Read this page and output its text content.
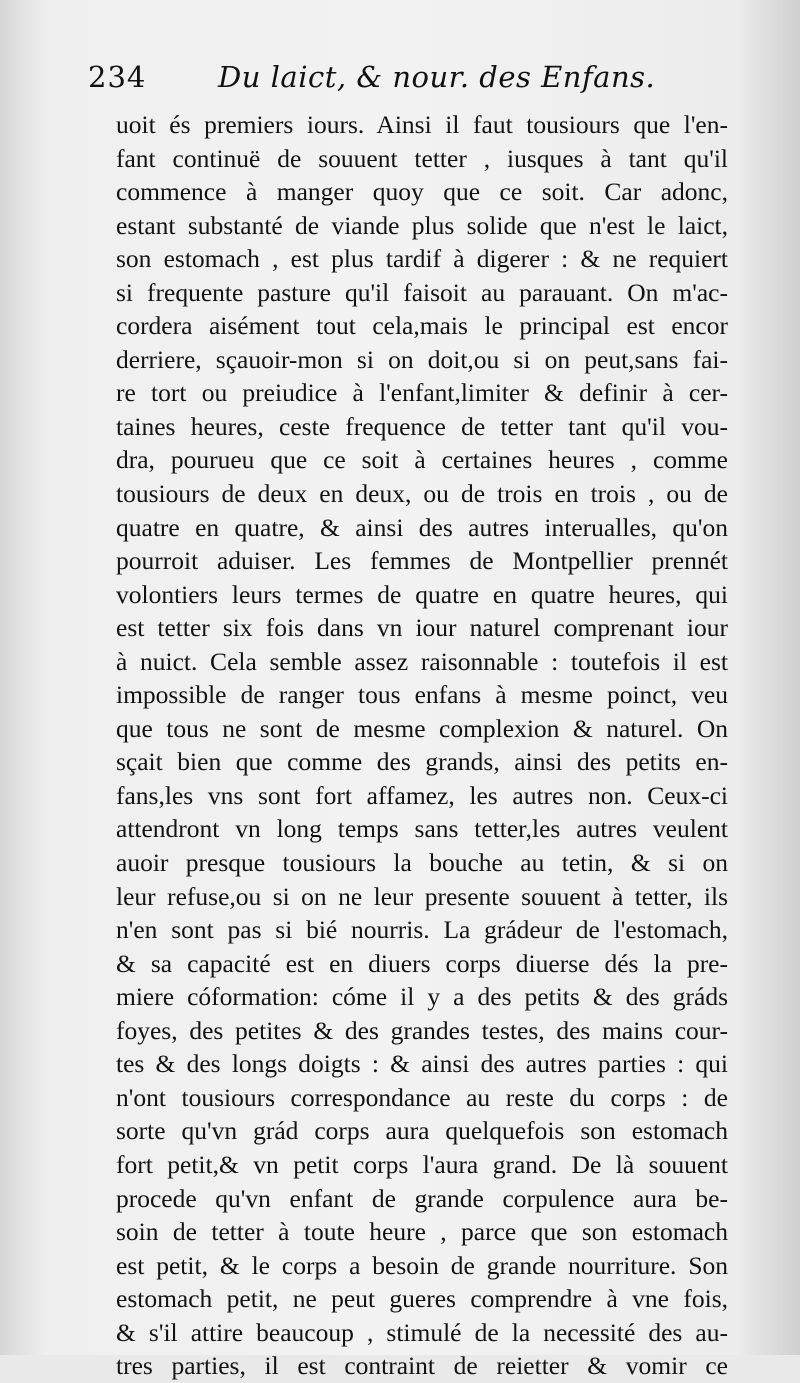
234 Du laict, & nour. des Enfans.
uoit és premiers iours. Ainsi il faut tousiours que l'en-
fant continuë de souuent tetter , iusques à tant qu'il
commence à manger quoy que ce soit. Car adonc,
estant substanté de viande plus solide que n'est le laict,
son estomach , est plus tardif à digerer : & ne requiert
si frequente pasture qu'il faisoit au parauant. On m'ac-
cordera aisément tout cela,mais le principal est encor
derriere, sçauoir-mon si on doit,ou si on peut,sans fai-
re tort ou preiudice à l'enfant,limiter & definir à cer-
taines heures, ceste frequence de tetter tant qu'il vou-
dra, pourueu que ce soit à certaines heures , comme
tousiours de deux en deux, ou de trois en trois , ou de
quatre en quatre, & ainsi des autres interualles, qu'on
pourroit aduiser. Les femmes de Montpellier prennét
volontiers leurs termes de quatre en quatre heures, qui
est tetter six fois dans vn iour naturel comprenant iour
à nuict. Cela semble assez raisonnable : toutefois il est
impossible de ranger tous enfans à mesme poinct, veu
que tous ne sont de mesme complexion & naturel. On
sçait bien que comme des grands, ainsi des petits en-
fans,les vns sont fort affamez, les autres non. Ceux-ci
attendront vn long temps sans tetter,les autres veulent
auoir presque tousiours la bouche au tetin, & si on
leur refuse,ou si on ne leur presente souuent à tetter, ils
n'en sont pas si bié nourris. La grádeur de l'estomach,
& sa capacité est en diuers corps diuerse dés la pre-
miere cóformation: cóme il y a des petits & des gráds
foyes, des petites & des grandes testes, des mains cour-
tes & des longs doigts : & ainsi des autres parties : qui
n'ont tousiours correspondance au reste du corps : de
sorte qu'vn grád corps aura quelquefois son estomach
fort petit,& vn petit corps l'aura grand. De là souuent
procede qu'vn enfant de grande corpulence aura be-
soin de tetter à toute heure , parce que son estomach
est petit, & le corps a besoin de grande nourriture. Son
estomach petit, ne peut gueres comprendre à vne fois,
& s'il attire beaucoup , stimulé de la necessité des au-
tres parties, il est contraint de reietter & vomir ce
